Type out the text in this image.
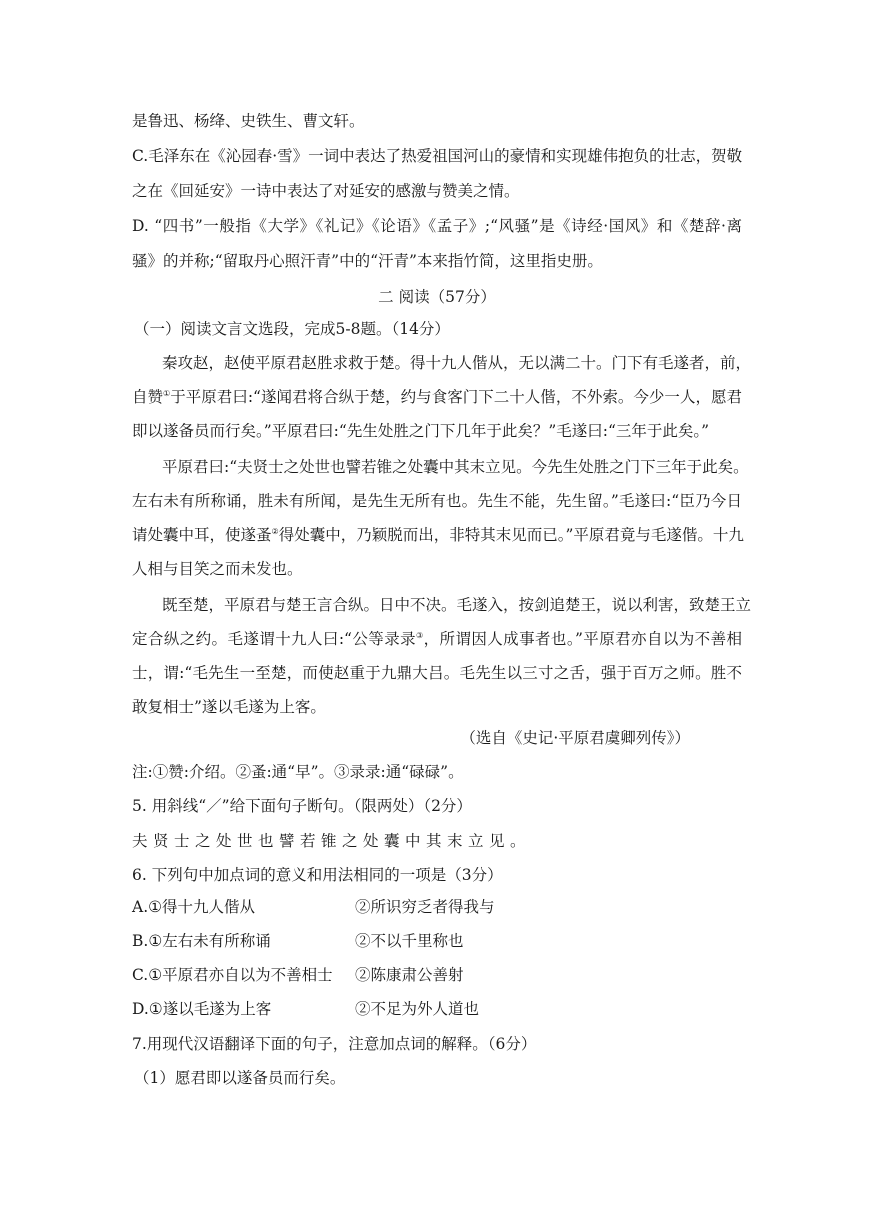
是鲁迅、杨绛、史铁生、曹文轩。
C.毛泽东在《沁园春·雪》一词中表达了热爱祖国河山的豪情和实现雄伟抱负的壮志，贺敬
之在《回延安》一诗中表达了对延安的感激与赞美之情。
D. “四书”一般指《大学》《礼记》《论语》《孟子》;“风骚”是《诗经·国风》和《楚辞·离
骚》的并称;“留取丹心照汗青”中的“汗青”本来指竹简，这里指史册。
二 阅读（57分）
（一）阅读文言文选段，完成5-8题。（14分）
秦攻赵，赵使平原君赵胜求救于楚。得十九人偕从，无以满二十。门下有毛遂者，前，
自赞①于平原君曰:“遂闻君将合纵于楚，约与食客门下二十人偕，不外索。今少一人，愿君
即以遂备员而行矣。”平原君曰:“先生处胜之门下几年于此矣？”毛遂曰:“三年于此矣。”
平原君曰:“夫贤士之处世也譬若锥之处囊中其末立见。今先生处胜之门下三年于此矣。
左右未有所称诵，胜未有所闻，是先生无所有也。先生不能，先生留。”毛遂曰:“臣乃今日
请处囊中耳，使遂蚤②得处囊中，乃颖脱而出，非特其末见而已。”平原君竟与毛遂偕。十九
人相与目笑之而未发也。
既至楚，平原君与楚王言合纵。日中不决。毛遂入，按剑追楚王，说以利害，致楚王立
定合纵之约。毛遂谓十九人曰:“公等录录③，所谓因人成事者也。”平原君亦自以为不善相
士，谓:“毛先生一至楚，而使赵重于九鼎大吕。毛先生以三寸之舌，强于百万之师。胜不
敢复相士”遂以毛遂为上客。
（选自《史记·平原君虞卿列传》）
注:①赞:介绍。②蚤:通“早”。③录录:通“碌碌”。
5. 用斜线“／”给下面句子断句。（限两处）（2分）
夫贤士之处世也譬若锥之处囊中其末立见。
6. 下列句中加点词的意义和用法相同的一项是（3分）
A.①得十九人偕从	②所识穷乏者得我与
B.①左右未有所称诵	②不以千里称也
C.①平原君亦自以为不善相士 ②陈康肃公善射
D.①遂以毛遂为上客	②不足为外人道也
7.用现代汉语翻译下面的句子，注意加点词的解释。（6分）
（1）愿君即以遂备员而行矣。
